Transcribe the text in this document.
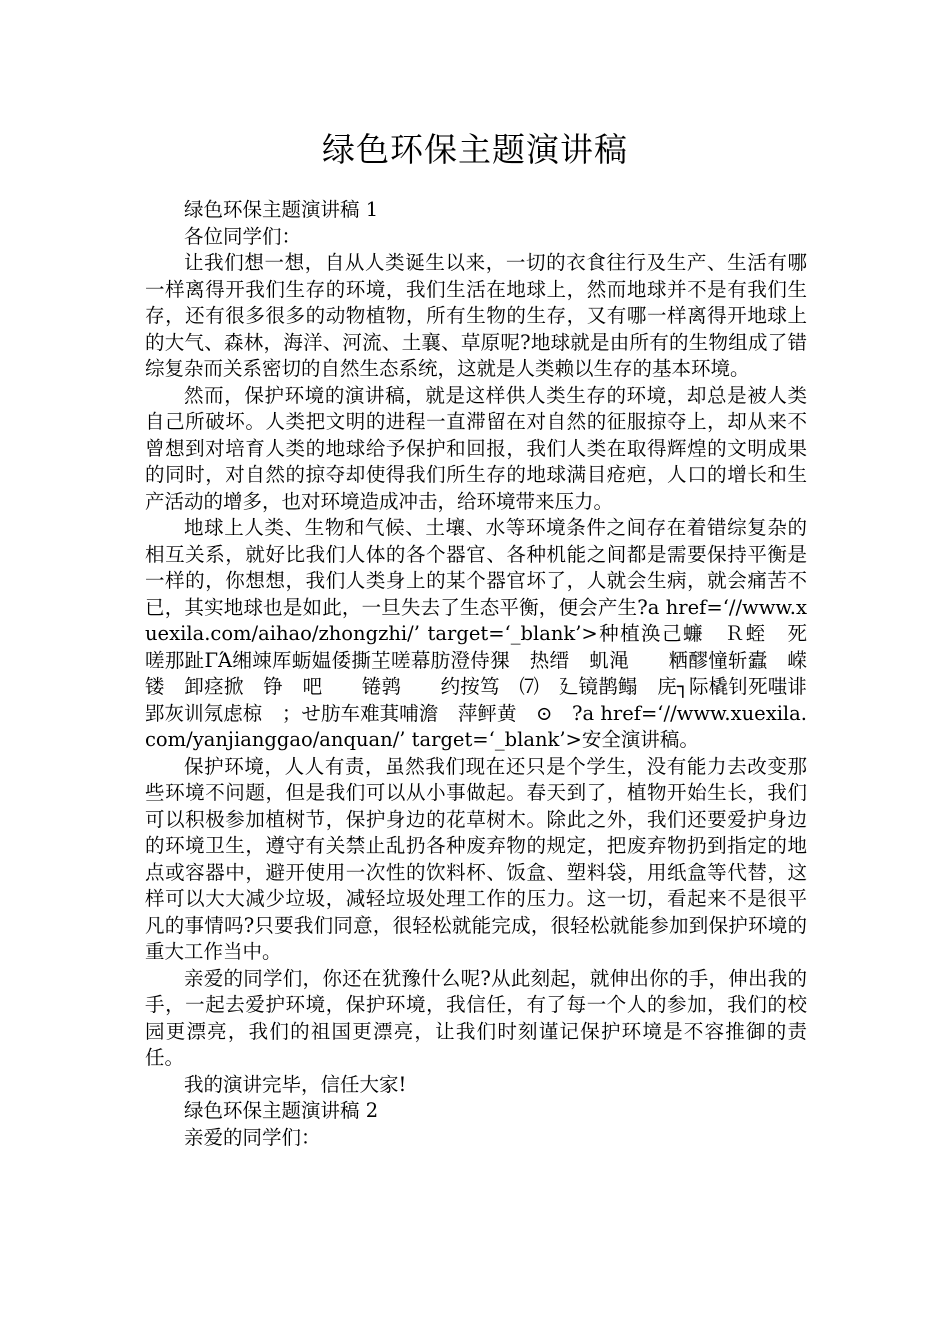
绿色环保主题演讲稿

绿色环保主题演讲稿 1

各位同学们：

让我们想一想，自从人类诞生以来，一切的衣食往行及生产、生活有哪一样离得开我们生存的环境，我们生活在地球上，然而地球并不是有我们生存，还有很多很多的动物植物，所有生物的生存，又有哪一样离得开地球上的大气、森林，海洋、河流、土襄、草原呢?地球就是由所有的生物组成了错综复杂而关系密切的自然生态系统，这就是人类赖以生存的基本环境。

然而，保护环境的演讲稿，就是这样供人类生存的环境，却总是被人类自己所破坏。人类把文明的进程一直滞留在对自然的征服掠夺上，却从来不曾想到对培育人类的地球给予保护和回报，我们人类在取得辉煌的文明成果的同时，对自然的掠夺却使得我们所生存的地球满目疮疤，人口的增长和生产活动的增多，也对环境造成冲击，给环境带来压力。

地球上人类、生物和气候、土壤、水等环境条件之间存在着错综复杂的相互关系，就好比我们人体的各个器官、各种机能之间都是需要保持平衡是一样的，你想想，我们人类身上的某个器官坏了，人就会生病，就会痛苦不已，其实地球也是如此，一旦失去了生态平衡，便会产生?a href=‘//www.xuexila.com/aihao/zhongzhi/’ target=‘_blank’>种植涣己蠊　Ｒ蛭　死嗟那趾ΓΆ缃竦厍蛎媪倭撕芏嗟幕肪澄侍猓　热缙　虮渑　　粞醪憧斩蠹　嵘镂　卸痉掀　铮　吧　　锩鹑　　约按笃　⑺　廴镜鹊鳎　庑┐际橇钊死嗤诽郢灰训氖虑椋　；せ肪车难萁哺澹　萍鲆黄　⊙　?a href=‘//www.xuexila.com/yanjianggao/anquan/’ target=‘_blank’>安全演讲稿。

保护环境，人人有责，虽然我们现在还只是个学生，没有能力去改变那些环境不问题，但是我们可以从小事做起。春天到了，植物开始生长，我们可以积极参加植树节，保护身边的花草树木。除此之外，我们还要爱护身边的环境卫生，遵守有关禁止乱扔各种废弃物的规定，把废弃物扔到指定的地点或容器中，避开使用一次性的饮料杯、饭盒、塑料袋，用纸盒等代替，这样可以大大减少垃圾，减轻垃圾处理工作的压力。这一切，看起来不是很平凡的事情吗?只要我们同意，很轻松就能完成，很轻松就能参加到保护环境的重大工作当中。

亲爱的同学们，你还在犹豫什么呢?从此刻起，就伸出你的手，伸出我的手，一起去爱护环境，保护环境，我信任，有了每一个人的参加，我们的校园更漂亮，我们的祖国更漂亮，让我们时刻谨记保护环境是不容推御的责任。

我的演讲完毕，信任大家!

绿色环保主题演讲稿 2

亲爱的同学们：
